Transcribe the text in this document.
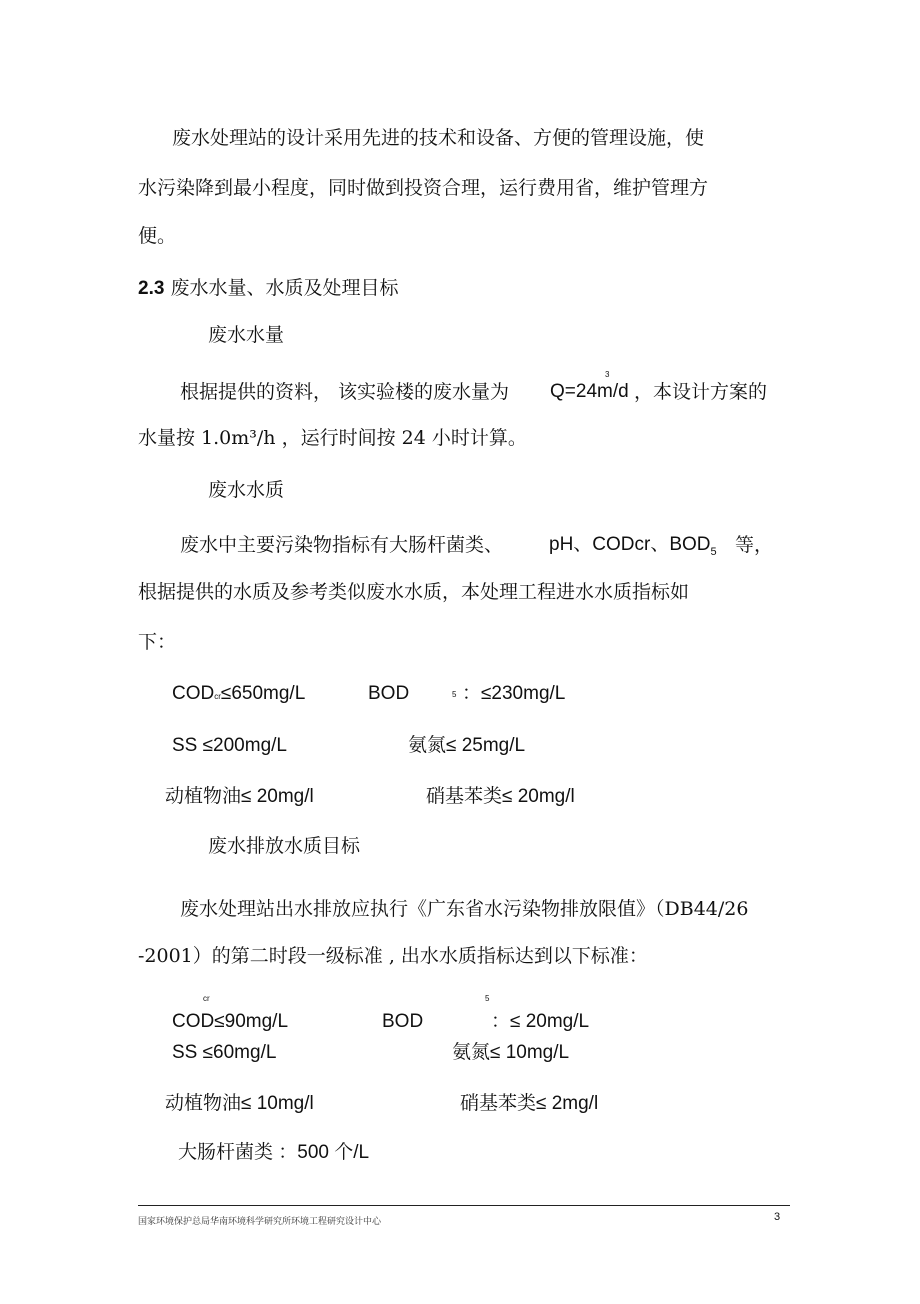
废水处理站的设计采用先进的技术和设备、方便的管理设施，使
水污染降到最小程度，同时做到投资合理，运行费用省，维护管理方
便。
2.3 废水水量、水质及处理目标
废水水量
根据提供的资料， 该实验楼的废水量为
3
Q=24m/d ，本设计方案的
水量按 1.0m³/h ，运行时间按 24 小时计算。
废水水质
废水中主要污染物指标有大肠杆菌类、 pH、CODcr、$BOD_5$ 等，
根据提供的水质及参考类似废水水质，本处理工程进水水质指标如
下：
CODcr≤650mg/L	BOD	5 ：≤230mg/L
SS ≤200mg/L	氨氮≤ 25mg/L
动植物油≤ 20mg/l	硝基苯类≤ 20mg/l
废水排放水质目标
废水处理站出水排放应执行《广东省水污染物排放限值》（DB44/26
-2001）的第二时段一级标准 , 出水水质指标达到以下标准：
cr	5
COD≤90mg/L	BOD	：≤ 20mg/L
SS ≤60mg/L	氨氮≤ 10mg/L
动植物油≤ 10mg/l	硝基苯类≤ 2mg/l
大肠杆菌类 ：500 个/L
3
国家环境保护总局华南环境科学研究所环境工程研究设计中心
